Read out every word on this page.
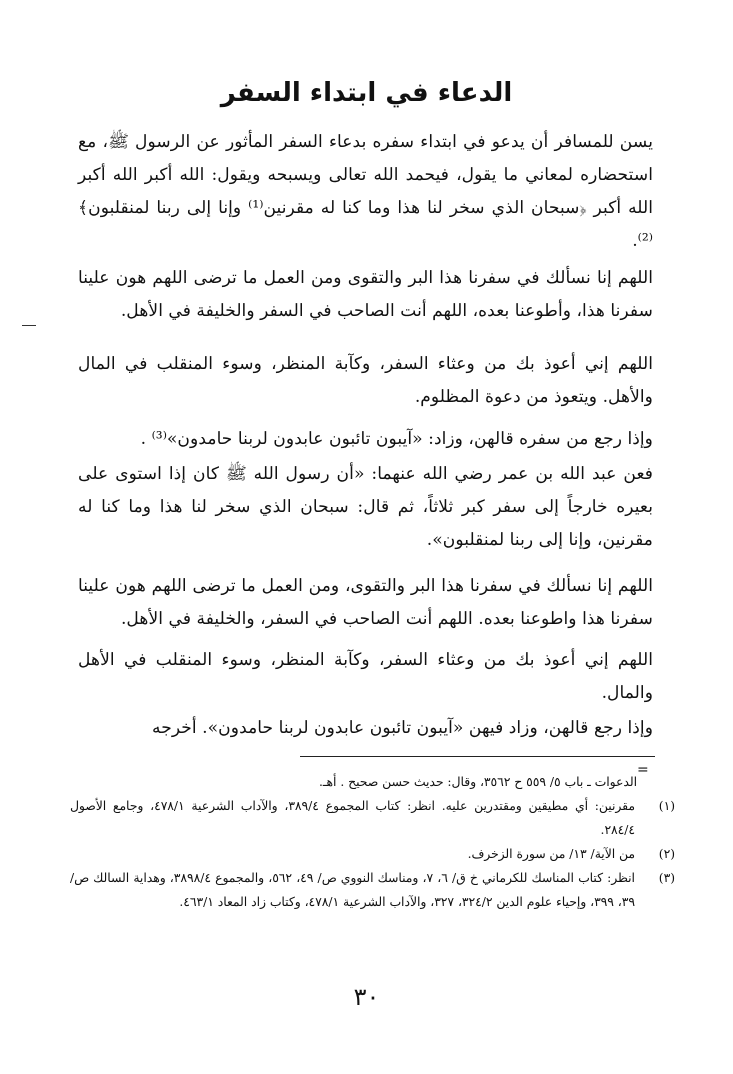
الدعاء في ابتداء السفر
يسن للمسافر أن يدعو في ابتداء سفره بدعاء السفر المأثور عن الرسول ﷺ، مع استحضاره لمعاني ما يقول، فيحمد الله تعالى ويسبحه ويقول: الله أكبر الله أكبر الله أكبر ﴿سبحان الذي سخر لنا هذا وما كنا له مقرنين⁽¹⁾ وإنا إلى ربنا لمنقلبون﴾⁽²⁾.
اللهم إنا نسألك في سفرنا هذا البر والتقوى ومن العمل ما ترضى اللهم هون علينا سفرنا هذا، وأطوعنا بعده، اللهم أنت الصاحب في السفر والخليفة في الأهل.
اللهم إني أعوذ بك من وعثاء السفر، وكآبة المنظر، وسوء المنقلب في المال والأهل. ويتعوذ من دعوة المظلوم.
وإذا رجع من سفره قالهن، وزاد: «آيبون تائبون عابدون لربنا حامدون»⁽³⁾ .
فعن عبد الله بن عمر رضي الله عنهما: «أن رسول الله ﷺ كان إذا استوى على بعيره خارجاً إلى سفر كبر ثلاثاً، ثم قال: سبحان الذي سخر لنا هذا وما كنا له مقرنين، وإنا إلى ربنا لمنقلبون».
اللهم إنا نسألك في سفرنا هذا البر والتقوى، ومن العمل ما ترضى اللهم هون علينا سفرنا هذا واطوعنا بعده. اللهم أنت الصاحب في السفر، والخليفة في الأهل.
اللهم إني أعوذ بك من وعثاء السفر، وكآبة المنظر، وسوء المنقلب في الأهل والمال.
وإذا رجع قالهن، وزاد فيهن «آيبون تائبون عابدون لربنا حامدون». أخرجه
الدعوات ـ باب ٥/ ٥٥٩ ح ٣٥٦٢، وقال: حديث حسن صحيح . أهـ.
(١)
مقرنين: أي مطيقين ومقتدرين عليه. انظر: كتاب المجموع ٣٨٩/٤، والآداب الشرعية ٤٧٨/١، وجامع الأصول ٢٨٤/٤.
(٢)
من الآية/ ١٣/ من سورة الزخرف.
(٣)
انظر: كتاب المناسك للكرماني خ ق/ ٦، ٧، ومناسك النووي ص/ ٤٩، ٥٦٢، والمجموع ٣٨٩٨/٤، وهداية السالك ص/ ٣٩، ٣٩٩، وإحياء علوم الدين ٣٢٤/٢، ٣٢٧، والآداب الشرعية ٤٧٨/١، وكتاب زاد المعاد ٤٦٣/١.
=
٣٠
